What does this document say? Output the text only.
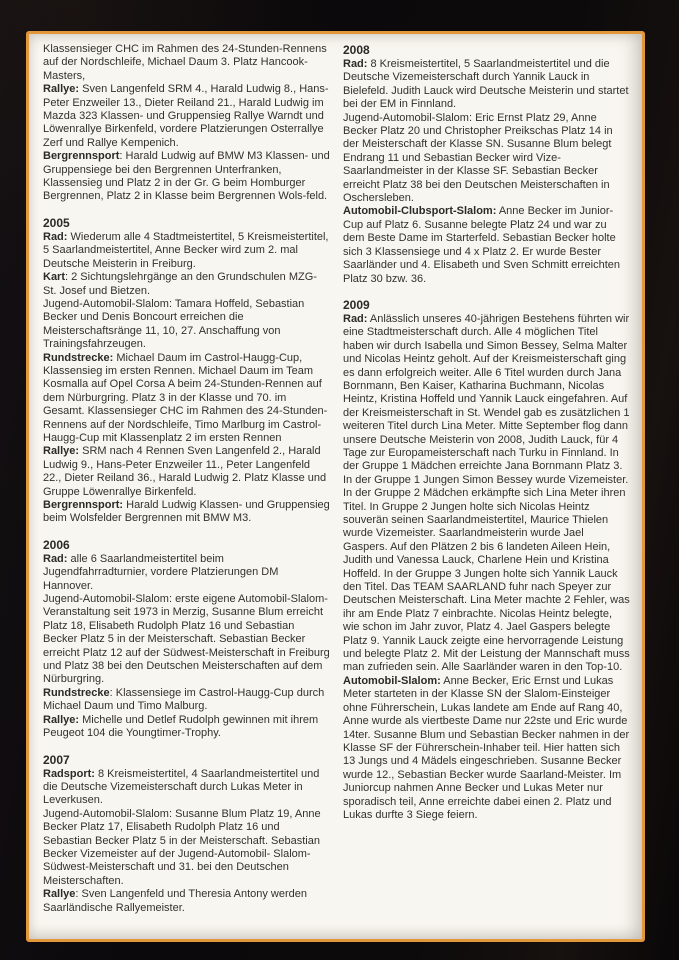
Klassensieger CHC im Rahmen des 24-Stunden-Rennens auf der Nordschleife, Michael Daum 3. Platz Hancook-Masters,

Rallye: Sven Langenfeld SRM 4., Harald Ludwig 8., Hans-Peter Enzweiler 13., Dieter Reiland 21., Harald Ludwig im Mazda 323 Klassen- und Gruppensieg Rallye Warndt und Löwenrallye Birkenfeld, vordere Platzierungen Osterrallye Zerf und Rallye Kempenich.

Bergrennsport: Harald Ludwig auf BMW M3 Klassen- und Gruppensiege bei den Bergrennen Unterfranken, Klassensieg und Platz 2 in der Gr. G beim Homburger Bergrennen, Platz 2 in Klasse beim Bergrennen Wols-feld.

2005

Rad: Wiederum alle 4 Stadtmeistertitel, 5 Kreismeistertitel, 5 Saarlandmeistertitel, Anne Becker wird zum 2. mal Deutsche Meisterin in Freiburg.

Kart: 2 Sichtungslehrgänge an den Grundschulen MZG-St. Josef und Bietzen.

Jugend-Automobil-Slalom: Tamara Hoffeld, Sebastian Becker und Denis Boncourt erreichen die Meisterschaftsränge 11, 10, 27. Anschaffung von Trainingsfahrzeugen.

Rundstrecke: Michael Daum im Castrol-Haugg-Cup, Klassensieg im ersten Rennen. Michael Daum im Team Kosmalla auf Opel Corsa A beim 24-Stunden-Rennen auf dem Nürburgring. Platz 3 in der Klasse und 70. im Gesamt. Klassensieger CHC im Rahmen des 24-Stunden-Rennens auf der Nordschleife, Timo Marlburg im Castrol-Haugg-Cup mit Klassenplatz 2 im ersten Rennen

Rallye: SRM nach 4 Rennen Sven Langenfeld 2., Harald Ludwig 9., Hans-Peter Enzweiler 11., Peter Langenfeld 22., Dieter Reiland 36., Harald Ludwig 2. Platz Klasse und Gruppe Löwenrallye Birkenfeld.

Bergrennsport: Harald Ludwig Klassen- und Gruppensieg beim Wolsfelder Bergrennen mit BMW M3.

2006

Rad: alle 6 Saarlandmeistertitel beim Jugendfahrradturnier, vordere Platzierungen DM Hannover.

Jugend-Automobil-Slalom: erste eigene Automobil-Slalom-Veranstaltung seit 1973 in Merzig, Susanne Blum erreicht Platz 18, Elisabeth Rudolph Platz 16 und Sebastian Becker Platz 5 in der Meisterschaft. Sebastian Becker erreicht Platz 12 auf der Südwest-Meisterschaft in Freiburg und Platz 38 bei den Deutschen Meisterschaften auf dem Nürburgring.

Rundstrecke: Klassensiege im Castrol-Haugg-Cup durch Michael Daum und Timo Malburg.

Rallye: Michelle und Detlef Rudolph gewinnen mit ihrem Peugeot 104 die Youngtimer-Trophy.

2007

Radsport: 8 Kreismeistertitel, 4 Saarlandmeistertitel und die Deutsche Vizemeisterschaft durch Lukas Meter in Leverkusen.

Jugend-Automobil-Slalom: Susanne Blum Platz 19, Anne Becker Platz 17, Elisabeth Rudolph Platz 16 und Sebastian Becker Platz 5 in der Meisterschaft. Sebastian Becker Vizemeister auf der Jugend-Automobil- Slalom-Südwest-Meisterschaft und 31. bei den Deutschen Meisterschaften.

Rallye: Sven Langenfeld und Theresia Antony werden Saarländische Rallyemeister.

2008

Rad: 8 Kreismeistertitel, 5 Saarlandmeistertitel und die Deutsche Vizemeisterschaft durch Yannik Lauck in Bielefeld. Judith Lauck wird Deutsche Meisterin und startet bei der EM in Finnland.

Jugend-Automobil-Slalom: Eric Ernst Platz 29, Anne Becker Platz 20 und Christopher Preikschas Platz 14 in der Meisterschaft der Klasse SN. Susanne Blum belegt Endrang 11 und Sebastian Becker wird Vize-Saarlandmeister in der Klasse SF. Sebastian Becker erreicht Platz 38 bei den Deutschen Meisterschaften in Oschersleben.

Automobil-Clubsport-Slalom: Anne Becker im Junior-Cup auf Platz 6. Susanne belegte Platz 24 und war zu dem Beste Dame im Starterfeld. Sebastian Becker holte sich 3 Klassensiege und 4 x Platz 2. Er wurde Bester Saarländer und 4. Elisabeth und Sven Schmitt erreichten Platz 30 bzw. 36.

2009

Rad: Anlässlich unseres 40-jährigen Bestehens führten wir eine Stadtmeisterschaft durch. Alle 4 möglichen Titel haben wir durch Isabella und Simon Bessey, Selma Malter und Nicolas Heintz geholt. Auf der Kreismeisterschaft ging es dann erfolgreich weiter. Alle 6 Titel wurden durch Jana Bornmann, Ben Kaiser, Katharina Buchmann, Nicolas Heintz, Kristina Hoffeld und Yannik Lauck eingefahren. Auf der Kreismeisterschaft in St. Wendel gab es zusätzlichen 1 weiteren Titel durch Lina Meter. Mitte September flog dann unsere Deutsche Meisterin von 2008, Judith Lauck, für 4 Tage zur Europameisterschaft nach Turku in Finnland. In der Gruppe 1 Mädchen erreichte Jana Bornmann Platz 3. In der Gruppe 1 Jungen Simon Bessey wurde Vizemeister. In der Gruppe 2 Mädchen erkämpfte sich Lina Meter ihren Titel. In Gruppe 2 Jungen holte sich Nicolas Heintz souverän seinen Saarlandmeistertitel, Maurice Thielen wurde Vizemeister. Saarlandmeisterin wurde Jael Gaspers. Auf den Plätzen 2 bis 6 landeten Aileen Hein, Judith und Vanessa Lauck, Charlene Hein und Kristina Hoffeld. In der Gruppe 3 Jungen holte sich Yannik Lauck den Titel. Das TEAM SAARLAND fuhr nach Speyer zur Deutschen Meisterschaft. Lina Meter machte 2 Fehler, was ihr am Ende Platz 7 einbrachte. Nicolas Heintz belegte, wie schon im Jahr zuvor, Platz 4. Jael Gaspers belegte Platz 9. Yannik Lauck zeigte eine hervorragende Leistung und belegte Platz 2. Mit der Leistung der Mannschaft muss man zufrieden sein. Alle Saarländer waren in den Top-10.

Automobil-Slalom: Anne Becker, Eric Ernst und Lukas Meter starteten in der Klasse SN der Slalom-Einsteiger ohne Führerschein, Lukas landete am Ende auf Rang 40, Anne wurde als viertbeste Dame nur 22ste und Eric wurde 14ter. Susanne Blum und Sebastian Becker nahmen in der Klasse SF der Führerschein-Inhaber teil. Hier hatten sich 13 Jungs und 4 Mädels eingeschrieben. Susanne Becker wurde 12., Sebastian Becker wurde Saarland-Meister. Im Juniorcup nahmen Anne Becker und Lukas Meter nur sporadisch teil, Anne erreichte dabei einen 2. Platz und Lukas durfte 3 Siege feiern.
